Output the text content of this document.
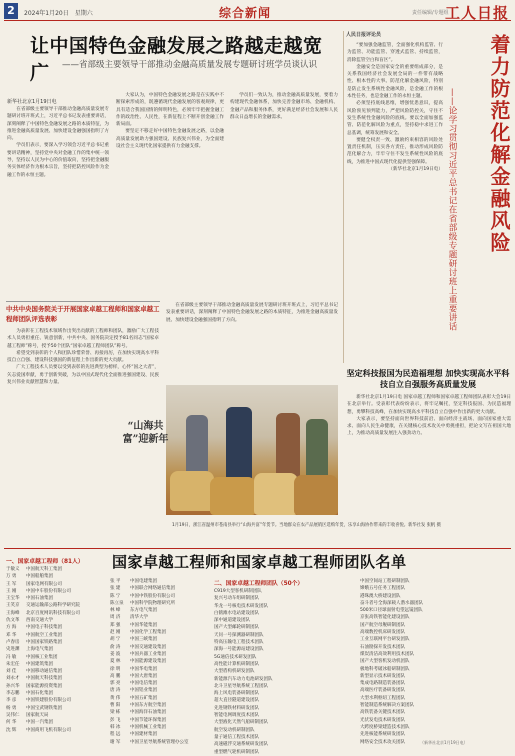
2	2024年1月20日　星期六	综合新闻	责任编辑/专题组
工人日报
让中国特色金融发展之路越走越宽广	——省部级主要领导干部推动金融高质量发展专题研讨班学员谈认识
新华社北京1月19日电

在省部级主要领导干部推动金融高质量发展专题研讨班开班式上，习近平总书记发表重要讲话，深刻阐释了中国特色金融发展之路的本质特征，为推进金融高质量发展、加快建设金融强国指明了方向。

学员们表示，要深入学习领会习近平总书记重要讲话精神，坚持党中央对金融工作的集中统一领导，坚持以人民为中心的价值取向，坚持把金融服务实体经济作为根本宗旨，坚持把防控风险作为金融工作的永恒主题。

大家认为，中国特色金融发展之路是在实践中不断探索形成的，既遵循现代金融发展的客观规律，更具有适合我国国情的鲜明特色，必须牢牢把握金融工作的政治性、人民性，在新征程上不断开创金融工作新局面。

要坚定不移走好中国特色金融发展之路，以金融高质量发展助力强国建设、民族复兴伟业，为全面建设社会主义现代化国家提供有力金融支撑。

学员们一致认为，推动金融高质量发展，要着力构建现代金融体系，加快完善金融市场、金融机构、金融产品和服务体系，更好满足经济社会发展和人民群众日益增长的金融需求。

人民日报评论员	着力防范化解金融风险
——论学习贯彻习近平总书记在省部级专题研讨班上重要讲话

“要加强金融监管，全面强化机构监管、行为监管、功能监管、穿透式监管、持续监管，消除监管空白和盲区”。

金融安全是国家安全的重要组成部分，是关系我国经济社会发展全局的一件带有战略性、根本性的大事。防范化解金融风险，特别是防止发生系统性金融风险，是金融工作的根本性任务，也是金融工作的永恒主题。

必须坚持底线思维，增强忧患意识，提高风险预见预判能力，严把风险防控关，守住不发生系统性金融风险的底线。要以全面加强监管、防范化解风险为重点，坚持稳中求进工作总基调，统筹发展和安全。

要健全权责一致、激励约束相容的风险处置责任机制，压实各方责任，推动形成风险防范化解合力，牢牢守住不发生系统性风险的底线，为推进中国式现代化提供坚强保障。

（新华社北京1月19日电）

中共中央国务院关于开展国家卓越工程师和国家卓越工程师团队评选表彰

为表彰在工程技术领域作出突出贡献的工程师和团队，激励广大工程技术人员勇担重任、锐意创新，中共中央、国务院决定授予81名同志“国家卓越工程师”称号，授予50个团队“国家卓越工程师团队”称号。

希望受到表彰的个人和团队珍惜荣誉、再接再厉，在加快实现高水平科技自立自强、建设科技强国的新征程上作出新的更大贡献。

广大工程技术人员要以受到表彰的先进典型为榜样，心怀“国之大者”，矢志爱国奉献，勇于创新突破，为以中国式现代化全面推进强国建设、民族复兴伟业贡献智慧和力量。

在省部级主要领导干部推动金融高质量发展专题研讨班开班式上，习近平总书记发表重要讲话，深刻阐释了中国特色金融发展之路的本质特征，为推进金融高质量发展、加快建设金融强国指明了方向。

“山海共富”迎新年
1月19日，浙江省温州市苍南县举行“山海共富”年货节。当地群众在农产品展销区选购年货，乐享山海协作带来的丰收喜悦。新华社发 张帆 摄
坚定科技报国为民造福理想 加快实现高水平科技自立自强服务高质量发展

新华社北京1月19日电 国家卓越工程师和国家卓越工程师团队表彰大会19日在北京举行。受表彰代表纷纷表示，将牢记嘱托，坚定科技报国、为民造福理想，勇攀科技高峰，在加快实现高水平科技自立自强中作出新的更大贡献。

大家表示，要坚持面向世界科技前沿、面向经济主战场、面向国家重大需求、面向人民生命健康，在关键核心技术攻关中勇挑重担，把论文写在祖国大地上，为推动高质量发展注入强劲动力。

国家卓越工程师和国家卓越工程师团队名单
一、国家卓越工程师（81人）
于敏义	中国航天科工集团
万 勇	中国船舶集团
王 军	国家电网有限公司
王 刚	中国中车股份有限公司
王宝华	中国石油集团
王笑京	交通运输部公路科学研究院
王海峰	北京百度网讯科技有限公司
仇文革	西南交通大学
方 海	中国电子科技集团
邓 华	中国航空工业集团
卢春房	中国国家铁路集团
史进渊	上海电气集团
冯 敏	中国核工业集团
朱宏任	中国建筑集团
刘 佳	中国移动通信集团
刘永才	中国航天科技集团
孙兴华	国家能源投资集团
李志鹏	中国石化集团
李 彦	中国铁建股份有限公司
杨 勇	中国宝武钢铁集团
吴伟仁	国家航天局
何 华	中国一汽集团
沈 辉	中国商用飞机有限公司
张 平	中国电建集团
张 建	中国联合网络通信集团
陈 宁	中国中铁股份有限公司
陈立泉	中国科学院物理研究所
林 峰	东方电气集团
周 济	清华大学
郑 强	中国华能集团
赵 刚	中国化学工程集团
胡 宁	中国三峡集团
俞 涛	中国交通建设集团
姜 波	中国兵器工业集团
夏 林	中国能源建设集团
徐 明	中国华电集团
高 鹏	中国大唐集团
郭 亮	中国电信集团
唐 涛	中国铝业集团
黄 伟	中国五矿集团
曹 阳	中国东方航空集团
梁 栋	中国海洋石油集团
彭 飞	中国节能环保集团
韩 冰	中国机械工业集团
程 远	中国建材集团
谢 军	中国卫星导航系统管理办公室
二、国家卓越工程师团队（50个）
C919大型客机研制团队
复兴号动车组研制团队
华龙一号核电技术研发团队
白鹤滩水电站建设团队
深中通道建设团队
国产大型邮轮研制团队
天问一号探测器研制团队
特高压输电工程技术团队
深海一号能源站建设团队
5G通信技术研发团队
高性能计算机研制团队
大型盾构机研发团队
新能源汽车动力电池研发团队
北斗卫星导航系统工程团队
海上风电装备研制团队
超大直径隧道建设团队
先进钢铁材料研发团队
智能电网调度技术团队
大型液化天然气船研制团队
航空发动机研制团队
量子通信工程技术团队
高速磁浮交通系统研发团队
重型燃气轮机研制团队
中国空间站工程研制团队
嫦娥五号任务工程团队
港珠澳大桥建设团队
奋斗者号全海深载人潜水器团队
500米口径球面射电望远镜团队
京张高铁智能化建设团队
国产航空母舰研制团队
高端数控机床研发团队
工业互联网平台研发团队
石油勘探开发技术团队
煤炭清洁高效利用技术团队
国产大型客机发动机团队
极地科考破冰船研制团队
新型显示技术研发团队
集成电路制造装备团队
高端医疗装备研发团队
大型水利枢纽工程团队
智能制造系统解决方案团队
高铁装备关键技术团队
光伏发电技术研发团队
大跨度桥梁建造技术团队
先进核能系统研发团队
网络安全技术攻关团队	（新华社北京1月19日电）
